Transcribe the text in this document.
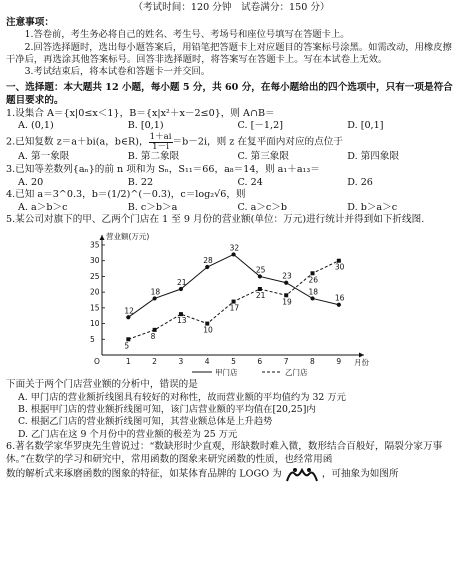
（考试时间：120 分钟　试卷满分：150 分）

注意事项：

1.答卷前，考生务必将自己的姓名、考生号、考场号和座位号填写在答题卡上。

2.回答选择题时，选出每小题答案后，用铅笔把答题卡上对应题目的答案标号涂黑。如需改动，用橡皮擦干净后，再选涂其他答案标号。回答非选择题时，将答案写在答题卡上。写在本试卷上无效。

3.考试结束后，将本试卷和答题卡一并交回。

一、选择题：本大题共 12 小题，每小题 5 分，共 60 分，在每小题给出的四个选项中，只有一项是符合题目要求的。

1.设集合 A＝{x|0≤x＜1}，B＝{x|x²＋x－2≤0}，则 A∩B＝

A. (0,1)	B. [0,1)	C. [－1,2]	D. [0,1]

2.已知复数 z＝a＋bi(a，b∈R)， $\frac{1+ai}{1-i} =b-2i$，则 z 在复平面内对应的点位于

A. 第一象限	B. 第二象限	C. 第三象限	D. 第四象限

3.已知等差数列{aₙ}的前 n 项和为 Sₙ，S₁₁＝66，a₈＝14，则 a₁＋a₁₃＝

A. 20	B. 22	C. 24	D. 26

4.已知 a＝3^0.3，b＝(1/2)^(－0.3)，c＝log₂√6，则

A. a＞b＞c	B. c＞b＞a	C. a＞c＞b	D. b＞a＞c

5.某公司对旗下的甲、乙两个门店在 1 至 9 月份的营业额(单位：万元)进行统计并得到如下折线图.

营业额(万元)
月份
O
5
10
15
20
25
30
35
1	2	3	4	5	6	7	8	9
12
18
21
28
32
25
23
18
16
5
8
13
10
17
21
19
26
30
甲门店	乙门店

下面关于两个门店营业额的分析中，错误的是

A. 甲门店的营业额折线图具有较好的对称性，故而营业额的平均值约为 32 万元

B. 根据甲门店的营业额折线图可知，该门店营业额的平均值在[20,25]内

C. 根据乙门店的营业额折线图可知，其营业额总体是上升趋势

D. 乙门店在这 9 个月份中的营业额的极差为 25 万元

6.著名数学家华罗庚先生曾说过：“数缺形时少直观，形缺数时难入微，数形结合百般好，隔裂分家万事休。”在数学的学习和研究中，常用函数的图象来研究函数的性质，也经常用函

数的解析式来琢磨函数的图象的特征，如某体育品牌的 LOGO 为	，可抽象为如图所
